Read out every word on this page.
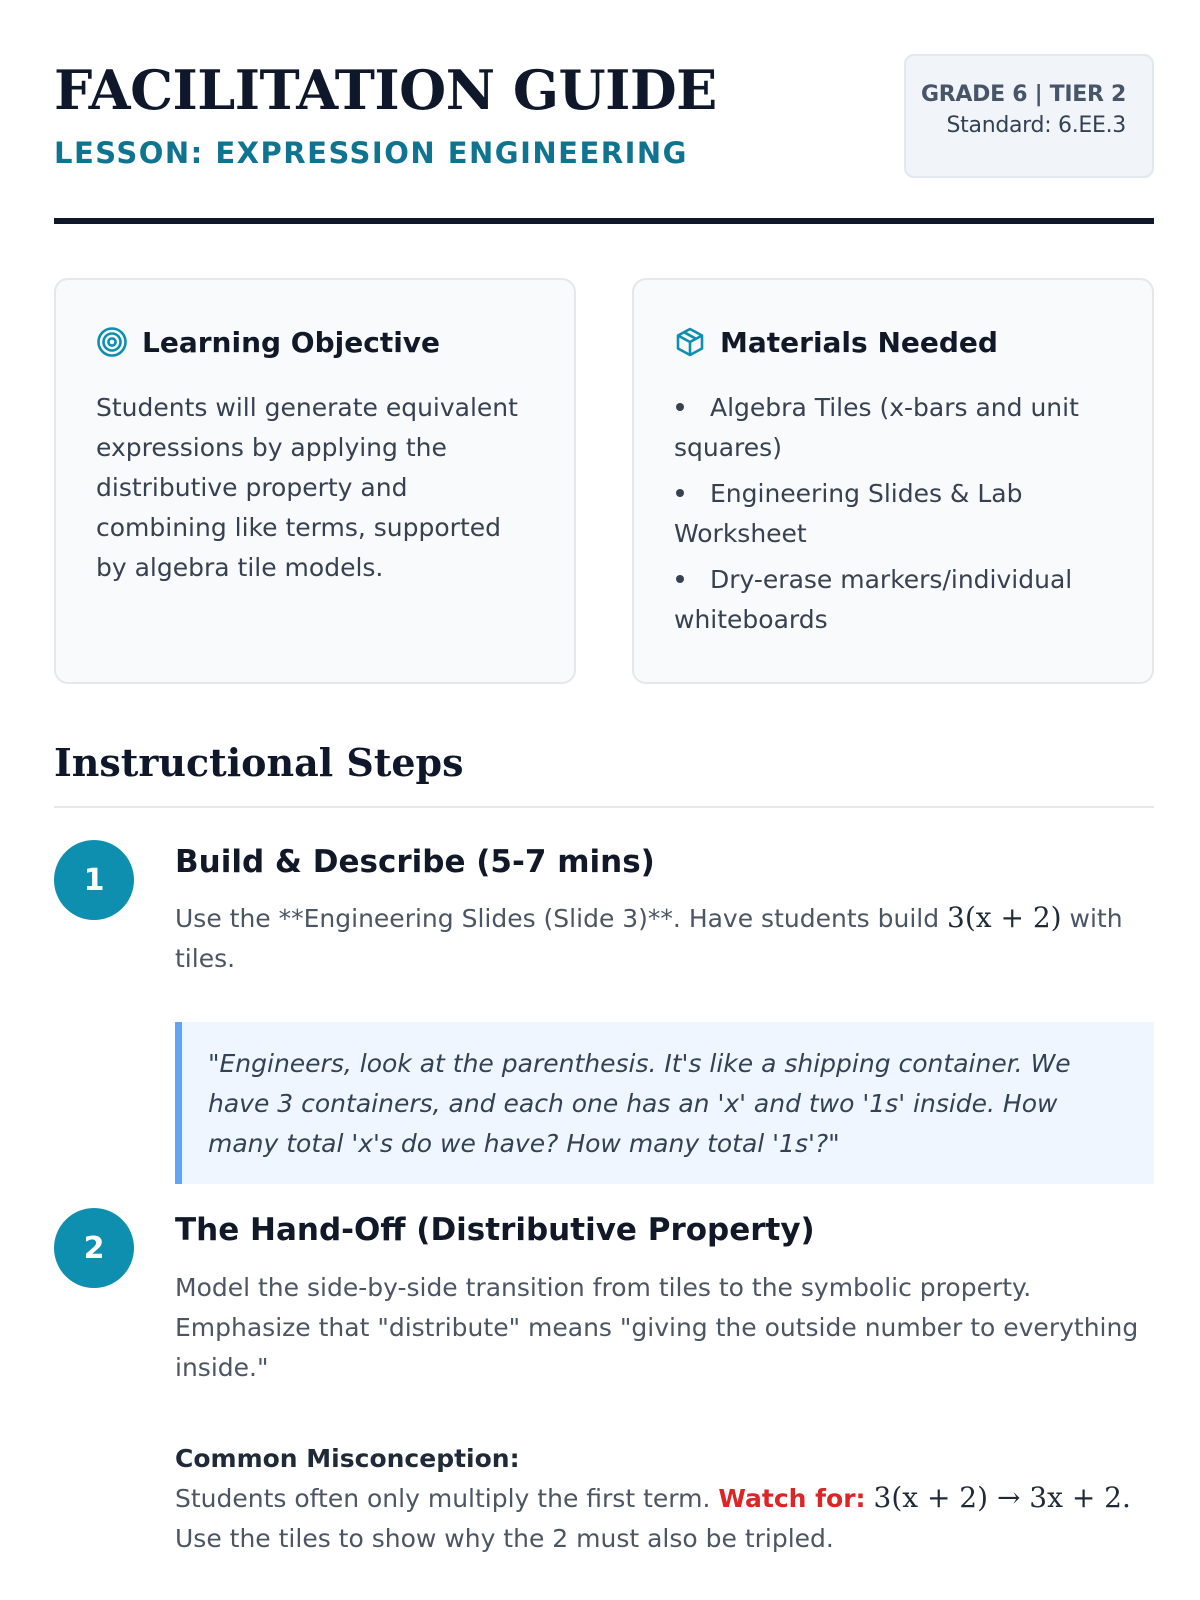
FACILITATION GUIDE
LESSON: EXPRESSION ENGINEERING
GRADE 6 | TIER 2
Standard: 6.EE.3
Learning Objective
Students will generate equivalent expressions by applying the distributive property and combining like terms, supported by algebra tile models.
Materials Needed
Algebra Tiles (x-bars and unit squares)
Engineering Slides & Lab Worksheet
Dry-erase markers/individual whiteboards
Instructional Steps
1	Build & Describe (5-7 mins)
Use the **Engineering Slides (Slide 3)**. Have students build 3(x + 2) with tiles.
"Engineers, look at the parenthesis. It's like a shipping container. We have 3 containers, and each one has an 'x' and two '1s' inside. How many total 'x's do we have? How many total '1s'?"
2	The Hand-Off (Distributive Property)
Model the side-by-side transition from tiles to the symbolic property. Emphasize that "distribute" means "giving the outside number to everything inside."
Common Misconception:
Students often only multiply the first term. Watch for: 3(x + 2) → 3x + 2.
Use the tiles to show why the 2 must also be tripled.
